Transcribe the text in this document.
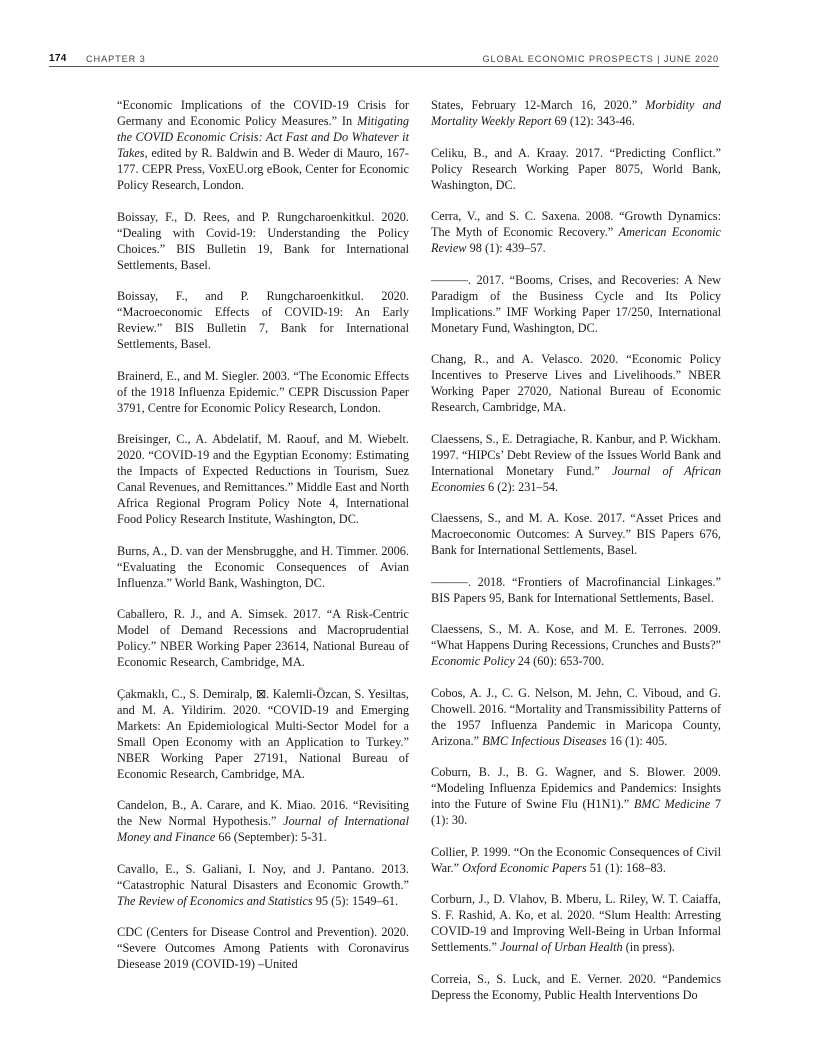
174 CHAPTER 3	GLOBAL ECONOMIC PROSPECTS | JUNE 2020

“Economic Implications of the COVID-19 Crisis for Germany and Economic Policy Measures.” In Mitigating the COVID Economic Crisis: Act Fast and Do Whatever it Takes, edited by R. Baldwin and B. Weder di Mauro, 167-177. CEPR Press, VoxEU.org eBook, Center for Economic Policy Research, London.

Boissay, F., D. Rees, and P. Rungcharoenkitkul. 2020. “Dealing with Covid-19: Understanding the Policy Choices.” BIS Bulletin 19, Bank for International Settlements, Basel.

Boissay, F., and P. Rungcharoenkitkul. 2020. “Macroeconomic Effects of COVID-19: An Early Review.” BIS Bulletin 7, Bank for International Settlements, Basel.

Brainerd, E., and M. Siegler. 2003. “The Economic Effects of the 1918 Influenza Epidemic.” CEPR Discussion Paper 3791, Centre for Economic Policy Research, London.

Breisinger, C., A. Abdelatif, M. Raouf, and M. Wiebelt. 2020. “COVID-19 and the Egyptian Economy: Estimating the Impacts of Expected Reductions in Tourism, Suez Canal Revenues, and Remittances.” Middle East and North Africa Regional Program Policy Note 4, International Food Policy Research Institute, Washington, DC.

Burns, A., D. van der Mensbrugghe, and H. Timmer. 2006. “Evaluating the Economic Consequences of Avian Influenza.” World Bank, Washington, DC.

Caballero, R. J., and A. Simsek. 2017. “A Risk-Centric Model of Demand Recessions and Macroprudential Policy.” NBER Working Paper 23614, National Bureau of Economic Research, Cambridge, MA.

Çakmaklı, C., S. Demiralp, ⊠. Kalemli-Özcan, S. Yesiltas, and M. A. Yildirim. 2020. “COVID-19 and Emerging Markets: An Epidemiological Multi-Sector Model for a Small Open Economy with an Application to Turkey.” NBER Working Paper 27191, National Bureau of Economic Research, Cambridge, MA.

Candelon, B., A. Carare, and K. Miao. 2016. “Revisiting the New Normal Hypothesis.” Journal of International Money and Finance 66 (September): 5-31.

Cavallo, E., S. Galiani, I. Noy, and J. Pantano. 2013. “Catastrophic Natural Disasters and Economic Growth.” The Review of Economics and Statistics 95 (5): 1549–61.

CDC (Centers for Disease Control and Prevention). 2020. “Severe Outcomes Among Patients with Coronavirus Diesease 2019 (COVID-19) –United

States, February 12-March 16, 2020.” Morbidity and Mortality Weekly Report 69 (12): 343-46.

Celiku, B., and A. Kraay. 2017. “Predicting Conflict.” Policy Research Working Paper 8075, World Bank, Washington, DC.

Cerra, V., and S. C. Saxena. 2008. “Growth Dynamics: The Myth of Economic Recovery.” American Economic Review 98 (1): 439–57.

———. 2017. “Booms, Crises, and Recoveries: A New Paradigm of the Business Cycle and Its Policy Implications.” IMF Working Paper 17/250, International Monetary Fund, Washington, DC.

Chang, R., and A. Velasco. 2020. “Economic Policy Incentives to Preserve Lives and Livelihoods.” NBER Working Paper 27020, National Bureau of Economic Research, Cambridge, MA.

Claessens, S., E. Detragiache, R. Kanbur, and P. Wickham. 1997. “HIPCs’ Debt Review of the Issues World Bank and International Monetary Fund.” Journal of African Economies 6 (2): 231–54.

Claessens, S., and M. A. Kose. 2017. “Asset Prices and Macroeconomic Outcomes: A Survey.” BIS Papers 676, Bank for International Settlements, Basel.

———. 2018. “Frontiers of Macrofinancial Linkages.” BIS Papers 95, Bank for International Settlements, Basel.

Claessens, S., M. A. Kose, and M. E. Terrones. 2009. “What Happens During Recessions, Crunches and Busts?” Economic Policy 24 (60): 653-700.

Cobos, A. J., C. G. Nelson, M. Jehn, C. Viboud, and G. Chowell. 2016. “Mortality and Transmissibility Patterns of the 1957 Influenza Pandemic in Maricopa County, Arizona.” BMC Infectious Diseases 16 (1): 405.

Coburn, B. J., B. G. Wagner, and S. Blower. 2009. “Modeling Influenza Epidemics and Pandemics: Insights into the Future of Swine Flu (H1N1).” BMC Medicine 7 (1): 30.

Collier, P. 1999. “On the Economic Consequences of Civil War.” Oxford Economic Papers 51 (1): 168–83.

Corburn, J., D. Vlahov, B. Mberu, L. Riley, W. T. Caiaffa, S. F. Rashid, A. Ko, et al. 2020. “Slum Health: Arresting COVID-19 and Improving Well-Being in Urban Informal Settlements.” Journal of Urban Health (in press).

Correia, S., S. Luck, and E. Verner. 2020. “Pandemics Depress the Economy, Public Health Interventions Do
